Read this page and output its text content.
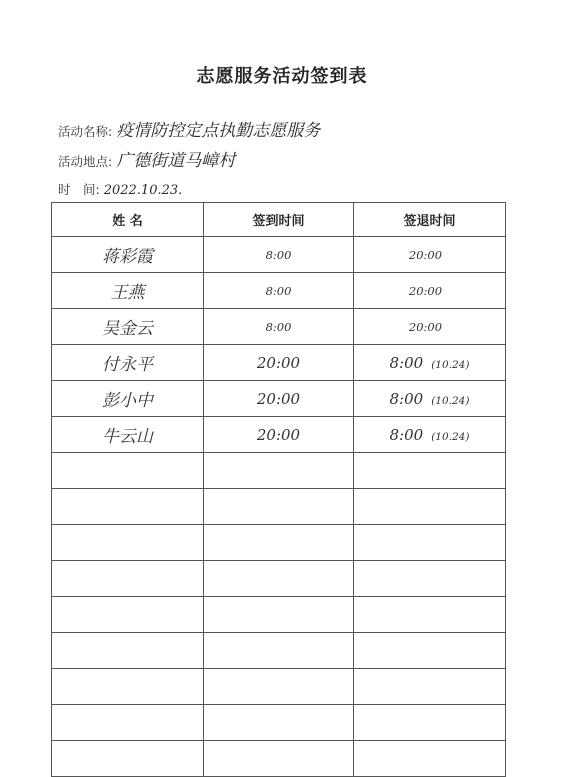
志愿服务活动签到表
活动名称: 疫情防控定点执勤志愿服务
活动地点: 广德街道马嶂村
时　间: 2022.10.23.
姓 名	签到时间	签退时间
蒋彩霞	8:00	20:00
王燕	8:00	20:00
吴金云	8:00	20:00
付永平	20:00	8:00 (10.24)
彭小中	20:00	8:00 (10.24)
牛云山	20:00	8:00 (10.24)
